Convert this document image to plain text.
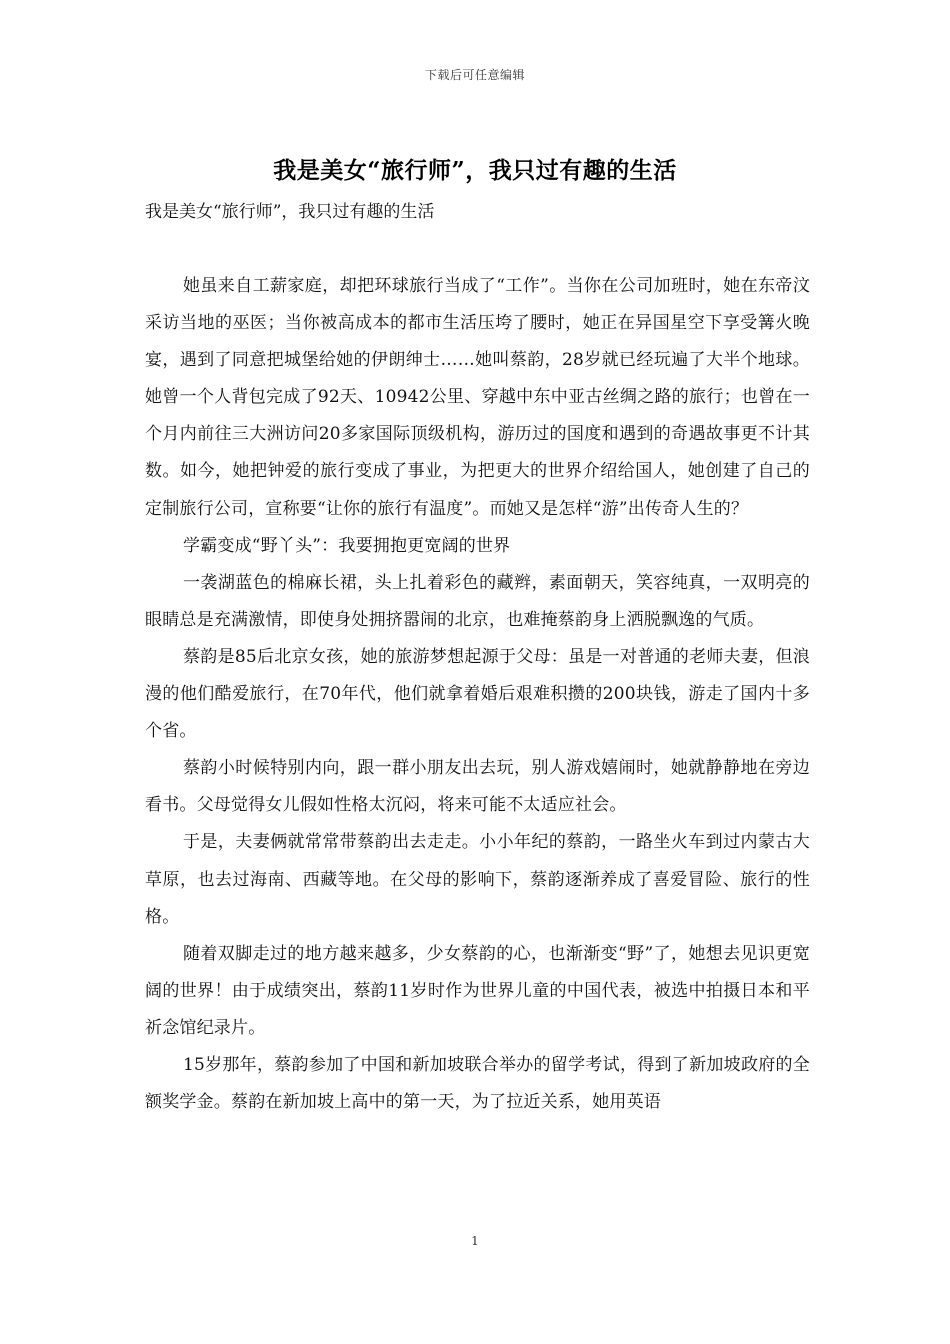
下载后可任意编辑
我是美女“旅行师”，我只过有趣的生活
我是美女“旅行师”，我只过有趣的生活

她虽来自工薪家庭，却把环球旅行当成了“工作”。当你在公司加班时，她在东帝汶采访当地的巫医；当你被高成本的都市生活压垮了腰时，她正在异国星空下享受篝火晚宴，遇到了同意把城堡给她的伊朗绅士……她叫蔡韵，28岁就已经玩遍了大半个地球。她曾一个人背包完成了92天、10942公里、穿越中东中亚古丝绸之路的旅行；也曾在一个月内前往三大洲访问20多家国际顶级机构，游历过的国度和遇到的奇遇故事更不计其数。如今，她把钟爱的旅行变成了事业，为把更大的世界介绍给国人，她创建了自己的定制旅行公司，宣称要“让你的旅行有温度”。而她又是怎样“游”出传奇人生的？

学霸变成“野丫头”：我要拥抱更宽阔的世界

一袭湖蓝色的棉麻长裙，头上扎着彩色的藏辫，素面朝天，笑容纯真，一双明亮的眼睛总是充满激情，即使身处拥挤嚣闹的北京，也难掩蔡韵身上洒脱飘逸的气质。

蔡韵是85后北京女孩，她的旅游梦想起源于父母：虽是一对普通的老师夫妻，但浪漫的他们酷爱旅行，在70年代，他们就拿着婚后艰难积攒的200块钱，游走了国内十多个省。

蔡韵小时候特别内向，跟一群小朋友出去玩，别人游戏嬉闹时，她就静静地在旁边看书。父母觉得女儿假如性格太沉闷，将来可能不太适应社会。

于是，夫妻俩就常常带蔡韵出去走走。小小年纪的蔡韵，一路坐火车到过内蒙古大草原，也去过海南、西藏等地。在父母的影响下，蔡韵逐渐养成了喜爱冒险、旅行的性格。

随着双脚走过的地方越来越多，少女蔡韵的心，也渐渐变“野”了，她想去见识更宽阔的世界！由于成绩突出，蔡韵11岁时作为世界儿童的中国代表，被选中拍摄日本和平祈念馆纪录片。

15岁那年，蔡韵参加了中国和新加坡联合举办的留学考试，得到了新加坡政府的全额奖学金。蔡韵在新加坡上高中的第一天，为了拉近关系，她用英语

1
